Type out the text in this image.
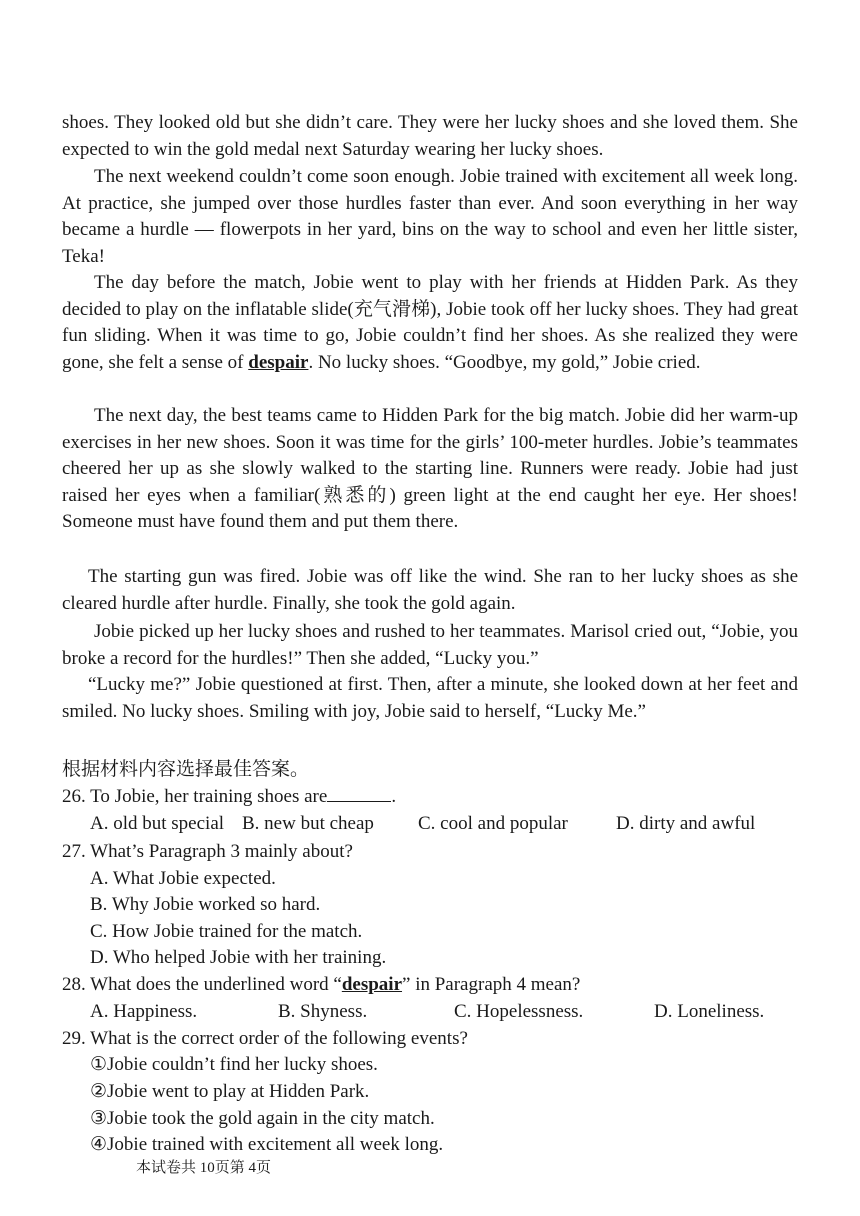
shoes. They looked old but she didn’t care. They were her lucky shoes and she loved them. She expected to win the gold medal next Saturday wearing her lucky shoes.

The next weekend couldn’t come soon enough. Jobie trained with excitement all week long. At practice, she jumped over those hurdles faster than ever. And soon everything in her way became a hurdle — flowerpots in her yard, bins on the way to school and even her little sister, Teka!

The day before the match, Jobie went to play with her friends at Hidden Park. As they decided to play on the inflatable slide(充气滑梯), Jobie took off her lucky shoes. They had great fun sliding. When it was time to go, Jobie couldn’t find her shoes. As she realized they were gone, she felt a sense of despair. No lucky shoes. “Goodbye, my gold,” Jobie cried.

The next day, the best teams came to Hidden Park for the big match. Jobie did her warm-up exercises in her new shoes. Soon it was time for the girls’ 100-meter hurdles. Jobie’s teammates cheered her up as she slowly walked to the starting line. Runners were ready. Jobie had just raised her eyes when a familiar(熟悉的) green light at the end caught her eye. Her shoes! Someone must have found them and put them there.

The starting gun was fired. Jobie was off like the wind. She ran to her lucky shoes as she cleared hurdle after hurdle. Finally, she took the gold again.

Jobie picked up her lucky shoes and rushed to her teammates. Marisol cried out, “Jobie, you broke a record for the hurdles!” Then she added, “Lucky you.”

“Lucky me?” Jobie questioned at first. Then, after a minute, she looked down at her feet and smiled. No lucky shoes. Smiling with joy, Jobie said to herself, “Lucky Me.”

根据材料内容选择最佳答案。

26. To Jobie, her training shoes are	.

A. old but special B. new but cheap C. cool and popular	D. dirty and awful

27. What’s Paragraph 3 mainly about?

A. What Jobie expected.

B. Why Jobie worked so hard.

C. How Jobie trained for the match.

D. Who helped Jobie with her training.

28. What does the underlined word “despair” in Paragraph 4 mean?

A. Happiness.	B. Shyness.	C. Hopelessness.	D. Loneliness.

29. What is the correct order of the following events?

①Jobie couldn’t find her lucky shoes.

②Jobie went to play at Hidden Park.

③Jobie took the gold again in the city match.

④Jobie trained with excitement all week long.

本试卷共 10页第 4页
